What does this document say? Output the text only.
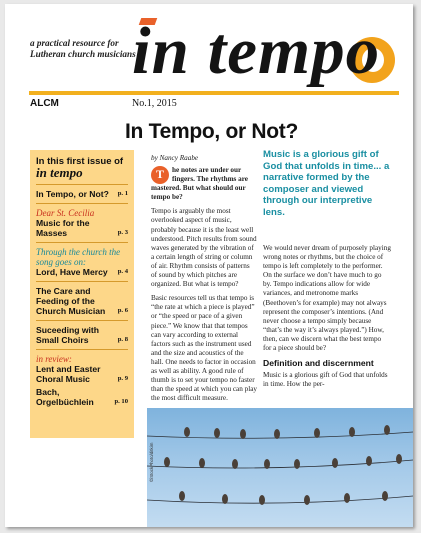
a practical resource for Lutheran church musicians
in tempo
ALCM	No.1, 2015
In Tempo, or Not?
In this first issue of in tempo
In Tempo, or Not? p. 1
Dear St. Cecilia
Music for the Masses	p. 3
Through the church the song goes on:
Lord, Have Mercy p. 4
The Care and Feeding of the Church Musician p. 6
Suceeding with Small Choirs	p. 8
in review:
Lent and Easter Choral Music	p. 9
Bach, Orgelbüchlein	p. 10
by Nancy Raabe

T	he notes are under our fingers. The rhythms are mastered. But what should our tempo be?

Tempo is arguably the most overlooked aspect of music, probably because it is the least well understood. Pitch results from sound waves generated by the vibration of a certain length of string or column of air. Rhythm consists of patterns of sound by which pitches are organized. But what is tempo?

Basic resources tell us that tempo is “the rate at which a piece is played” or “the speed or pace of a given piece.” We know that that tempos can vary according to external factors such as the instrument used and the size and acoustics of the hall. One needs to factor in occasion as well as ability. A good rule of thumb is to set your tempo no faster than the speed at which you can play the most difficult measure.

Music is a glorious gift of God that unfolds in time... a narrative formed by the composer and viewed through our interpretive lens.

We would never dream of purposely playing wrong notes or rhythms, but the choice of tempo is left completely to the performer. On the surface we don’t have much to go by. Tempo indications allow for wide variances, and metronome marks (Beethoven’s for example) may not always represent the composer’s intentions. (And never choose a tempo simply because “that’s the way it’s always played.”) How, then, can we discern what the best tempo for a piece should be?

Definition and discernment

Music is a glorious gift of God that unfolds in time. How the per-

©iStockPhoto/ditkim
